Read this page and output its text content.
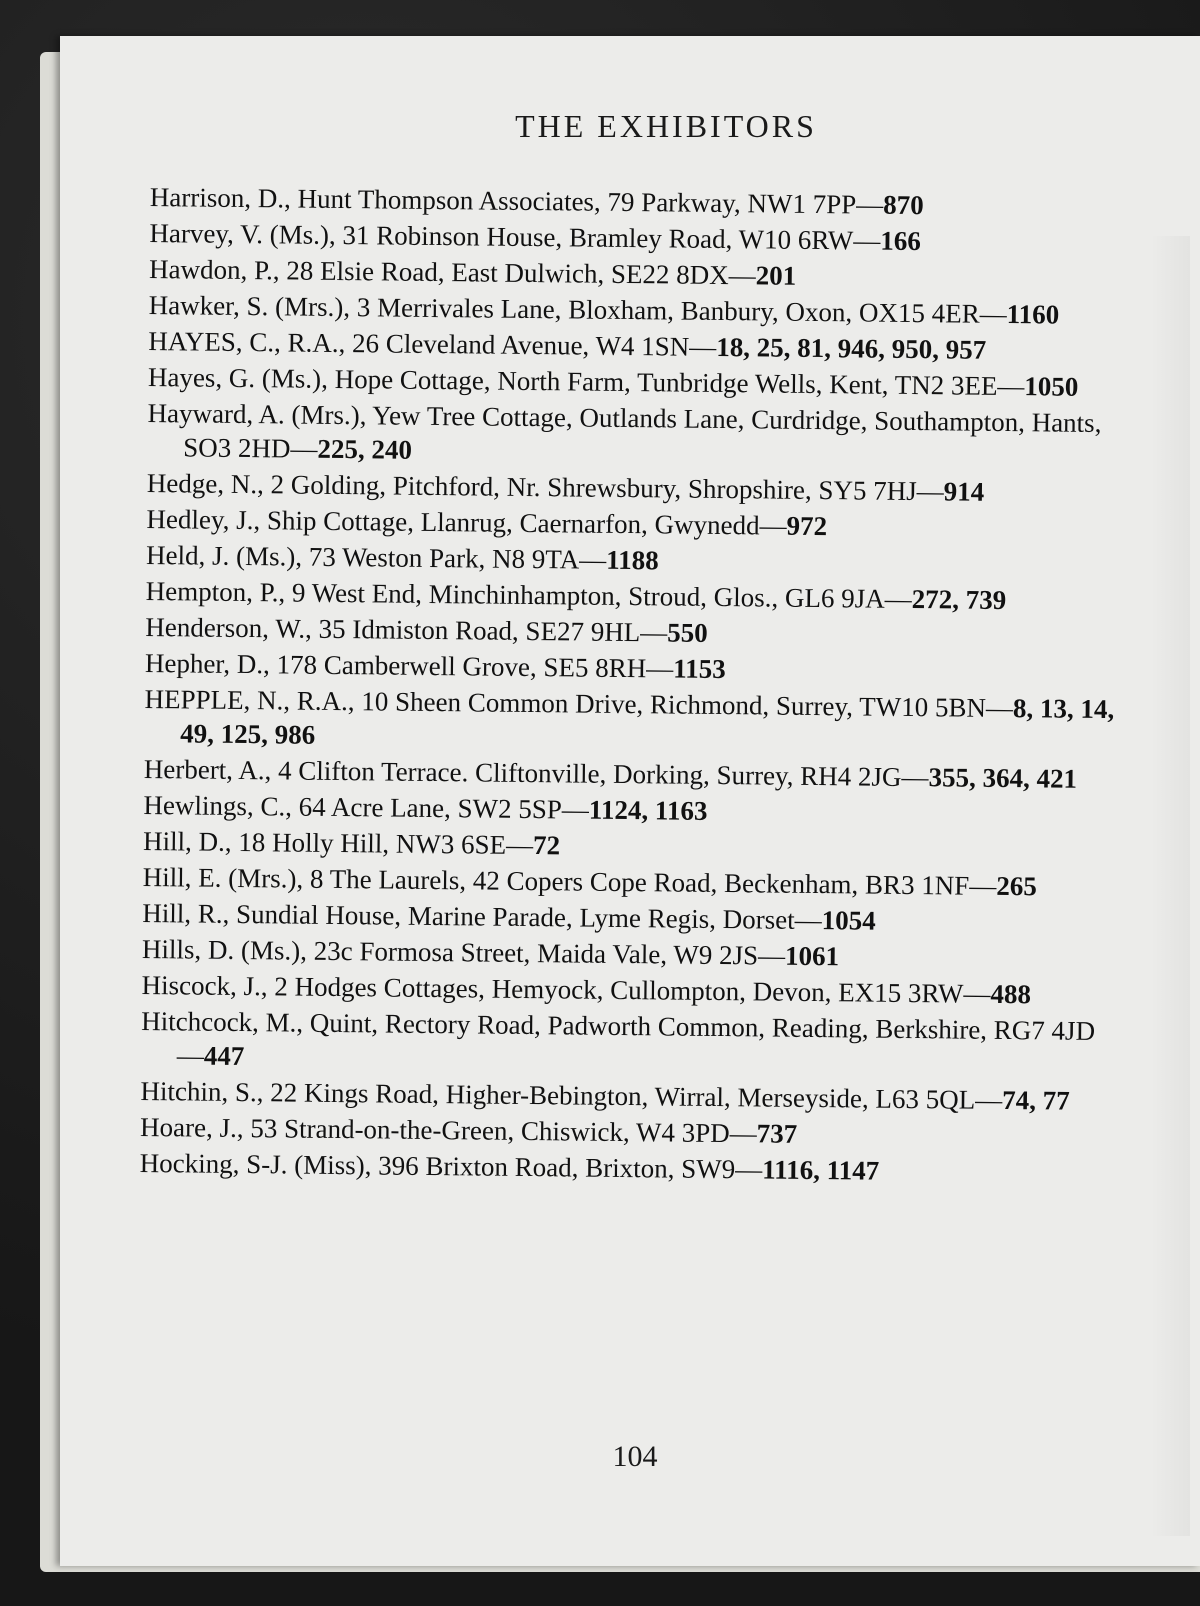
THE EXHIBITORS
Harrison, D., Hunt Thompson Associates, 79 Parkway, NW1 7PP—870
Harvey, V. (Ms.), 31 Robinson House, Bramley Road, W10 6RW—166
Hawdon, P., 28 Elsie Road, East Dulwich, SE22 8DX—201
Hawker, S. (Mrs.), 3 Merrivales Lane, Bloxham, Banbury, Oxon, OX15 4ER—1160
HAYES, C., R.A., 26 Cleveland Avenue, W4 1SN—18, 25, 81, 946, 950, 957
Hayes, G. (Ms.), Hope Cottage, North Farm, Tunbridge Wells, Kent, TN2 3EE—1050
Hayward, A. (Mrs.), Yew Tree Cottage, Outlands Lane, Curdridge, Southampton, Hants, SO3 2HD—225, 240
Hedge, N., 2 Golding, Pitchford, Nr. Shrewsbury, Shropshire, SY5 7HJ—914
Hedley, J., Ship Cottage, Llanrug, Caernarfon, Gwynedd—972
Held, J. (Ms.), 73 Weston Park, N8 9TA—1188
Hempton, P., 9 West End, Minchinhampton, Stroud, Glos., GL6 9JA—272, 739
Henderson, W., 35 Idmiston Road, SE27 9HL—550
Hepher, D., 178 Camberwell Grove, SE5 8RH—1153
HEPPLE, N., R.A., 10 Sheen Common Drive, Richmond, Surrey, TW10 5BN—8, 13, 14, 49, 125, 986
Herbert, A., 4 Clifton Terrace. Cliftonville, Dorking, Surrey, RH4 2JG—355, 364, 421
Hewlings, C., 64 Acre Lane, SW2 5SP—1124, 1163
Hill, D., 18 Holly Hill, NW3 6SE—72
Hill, E. (Mrs.), 8 The Laurels, 42 Copers Cope Road, Beckenham, BR3 1NF—265
Hill, R., Sundial House, Marine Parade, Lyme Regis, Dorset—1054
Hills, D. (Ms.), 23c Formosa Street, Maida Vale, W9 2JS—1061
Hiscock, J., 2 Hodges Cottages, Hemyock, Cullompton, Devon, EX15 3RW—488
Hitchcock, M., Quint, Rectory Road, Padworth Common, Reading, Berkshire, RG7 4JD—447
Hitchin, S., 22 Kings Road, Higher-Bebington, Wirral, Merseyside, L63 5QL—74, 77
Hoare, J., 53 Strand-on-the-Green, Chiswick, W4 3PD—737
Hocking, S-J. (Miss), 396 Brixton Road, Brixton, SW9—1116, 1147
104
